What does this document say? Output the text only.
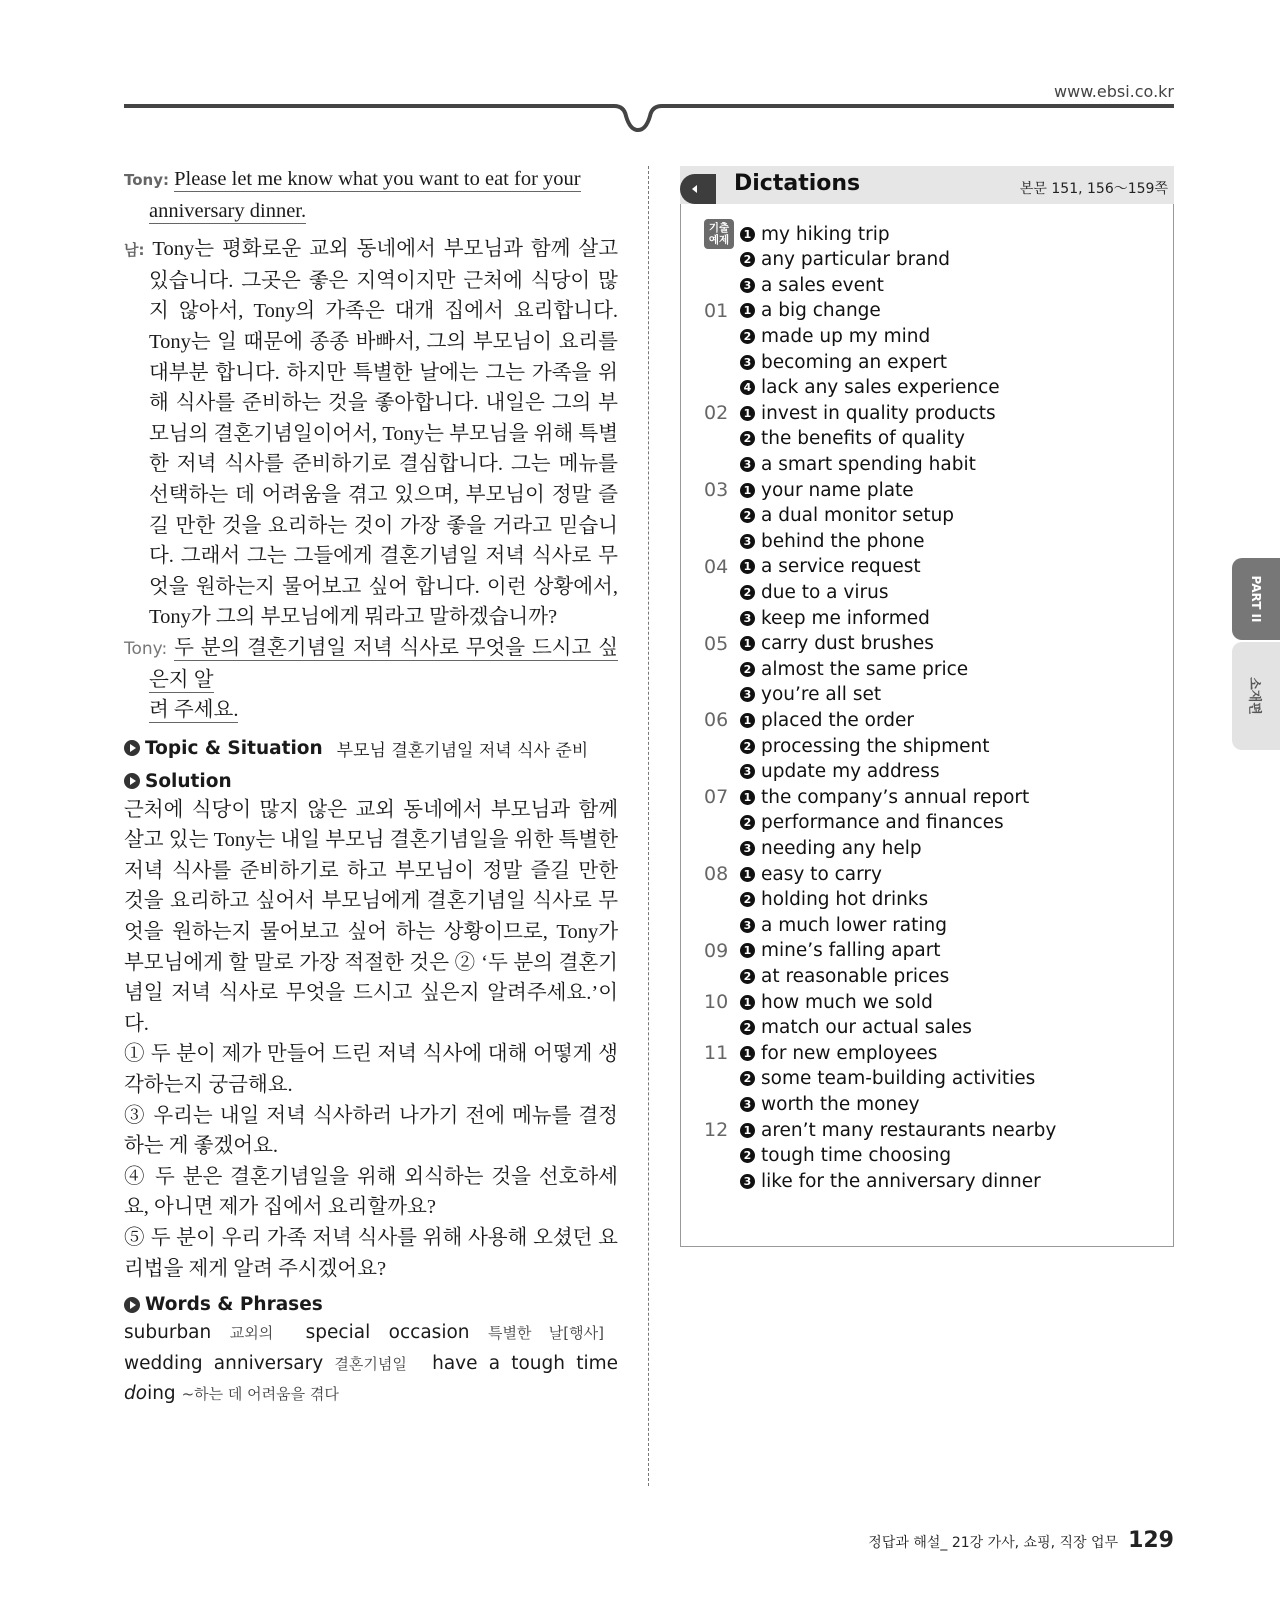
www.ebsi.co.kr
Tony: Please let me know what you want to eat for your
anniversary dinner.
남: Tony는 평화로운 교외 동네에서 부모님과 함께 살고 있습니다. 그곳은 좋은 지역이지만 근처에 식당이 많지 않아서, Tony의 가족은 대개 집에서 요리합니다. Tony는 일 때문에 종종 바빠서, 그의 부모님이 요리를 대부분 합니다. 하지만 특별한 날에는 그는 가족을 위해 식사를 준비하는 것을 좋아합니다. 내일은 그의 부모님의 결혼기념일이어서, Tony는 부모님을 위해 특별한 저녁 식사를 준비하기로 결심합니다. 그는 메뉴를 선택하는 데 어려움을 겪고 있으며, 부모님이 정말 즐길 만한 것을 요리하는 것이 가장 좋을 거라고 믿습니다. 그래서 그는 그들에게 결혼기념일 저녁 식사로 무엇을 원하는지 물어보고 싶어 합니다. 이런 상황에서, Tony가 그의 부모님에게 뭐라고 말하겠습니까?
Tony: 두 분의 결혼기념일 저녁 식사로 무엇을 드시고 싶은지 알
려 주세요.
Topic & Situation 부모님 결혼기념일 저녁 식사 준비
Solution
근처에 식당이 많지 않은 교외 동네에서 부모님과 함께 살고 있는 Tony는 내일 부모님 결혼기념일을 위한 특별한 저녁 식사를 준비하기로 하고 부모님이 정말 즐길 만한 것을 요리하고 싶어서 부모님에게 결혼기념일 식사로 무엇을 원하는지 물어보고 싶어 하는 상황이므로, Tony가 부모님에게 할 말로 가장 적절한 것은 ② ‘두 분의 결혼기념일 저녁 식사로 무엇을 드시고 싶은지 알려주세요.’이다.
① 두 분이 제가 만들어 드린 저녁 식사에 대해 어떻게 생각하는지 궁금해요.
③ 우리는 내일 저녁 식사하러 나가기 전에 메뉴를 결정하는 게 좋겠어요.
④ 두 분은 결혼기념일을 위해 외식하는 것을 선호하세요, 아니면 제가 집에서 요리할까요?
⑤ 두 분이 우리 가족 저녁 식사를 위해 사용해 오셨던 요리법을 제게 알려 주시겠어요?
Words & Phrases
suburban 교외의 special occasion 특별한 날[행사] wedding anniversary 결혼기념일 have a tough time doing ~하는 데 어려움을 겪다
Dictations	본문 151, 156～159쪽
기출
예제	1 my hiking trip
2 any particular brand
3 a sales event
01	1 a big change
2 made up my mind
3 becoming an expert
4 lack any sales experience
02	1 invest in quality products
2 the benefits of quality
3 a smart spending habit
03	1 your name plate
2 a dual monitor setup
3 behind the phone
04	1 a service request
2 due to a virus
3 keep me informed
05	1 carry dust brushes
2 almost the same price
3 you’re all set
06	1 placed the order
2 processing the shipment
3 update my address
07	1 the company’s annual report
2 performance and finances
3 needing any help
08	1 easy to carry
2 holding hot drinks
3 a much lower rating
09	1 mine’s falling apart
2 at reasonable prices
10	1 how much we sold
2 match our actual sales
11	1 for new employees
2 some team-building activities
3 worth the money
12	1 aren’t many restaurants nearby
2 tough time choosing
3 like for the anniversary dinner
PART II
소재편
정답과 해설_ 21강 가사, 쇼핑, 직장 업무 129
